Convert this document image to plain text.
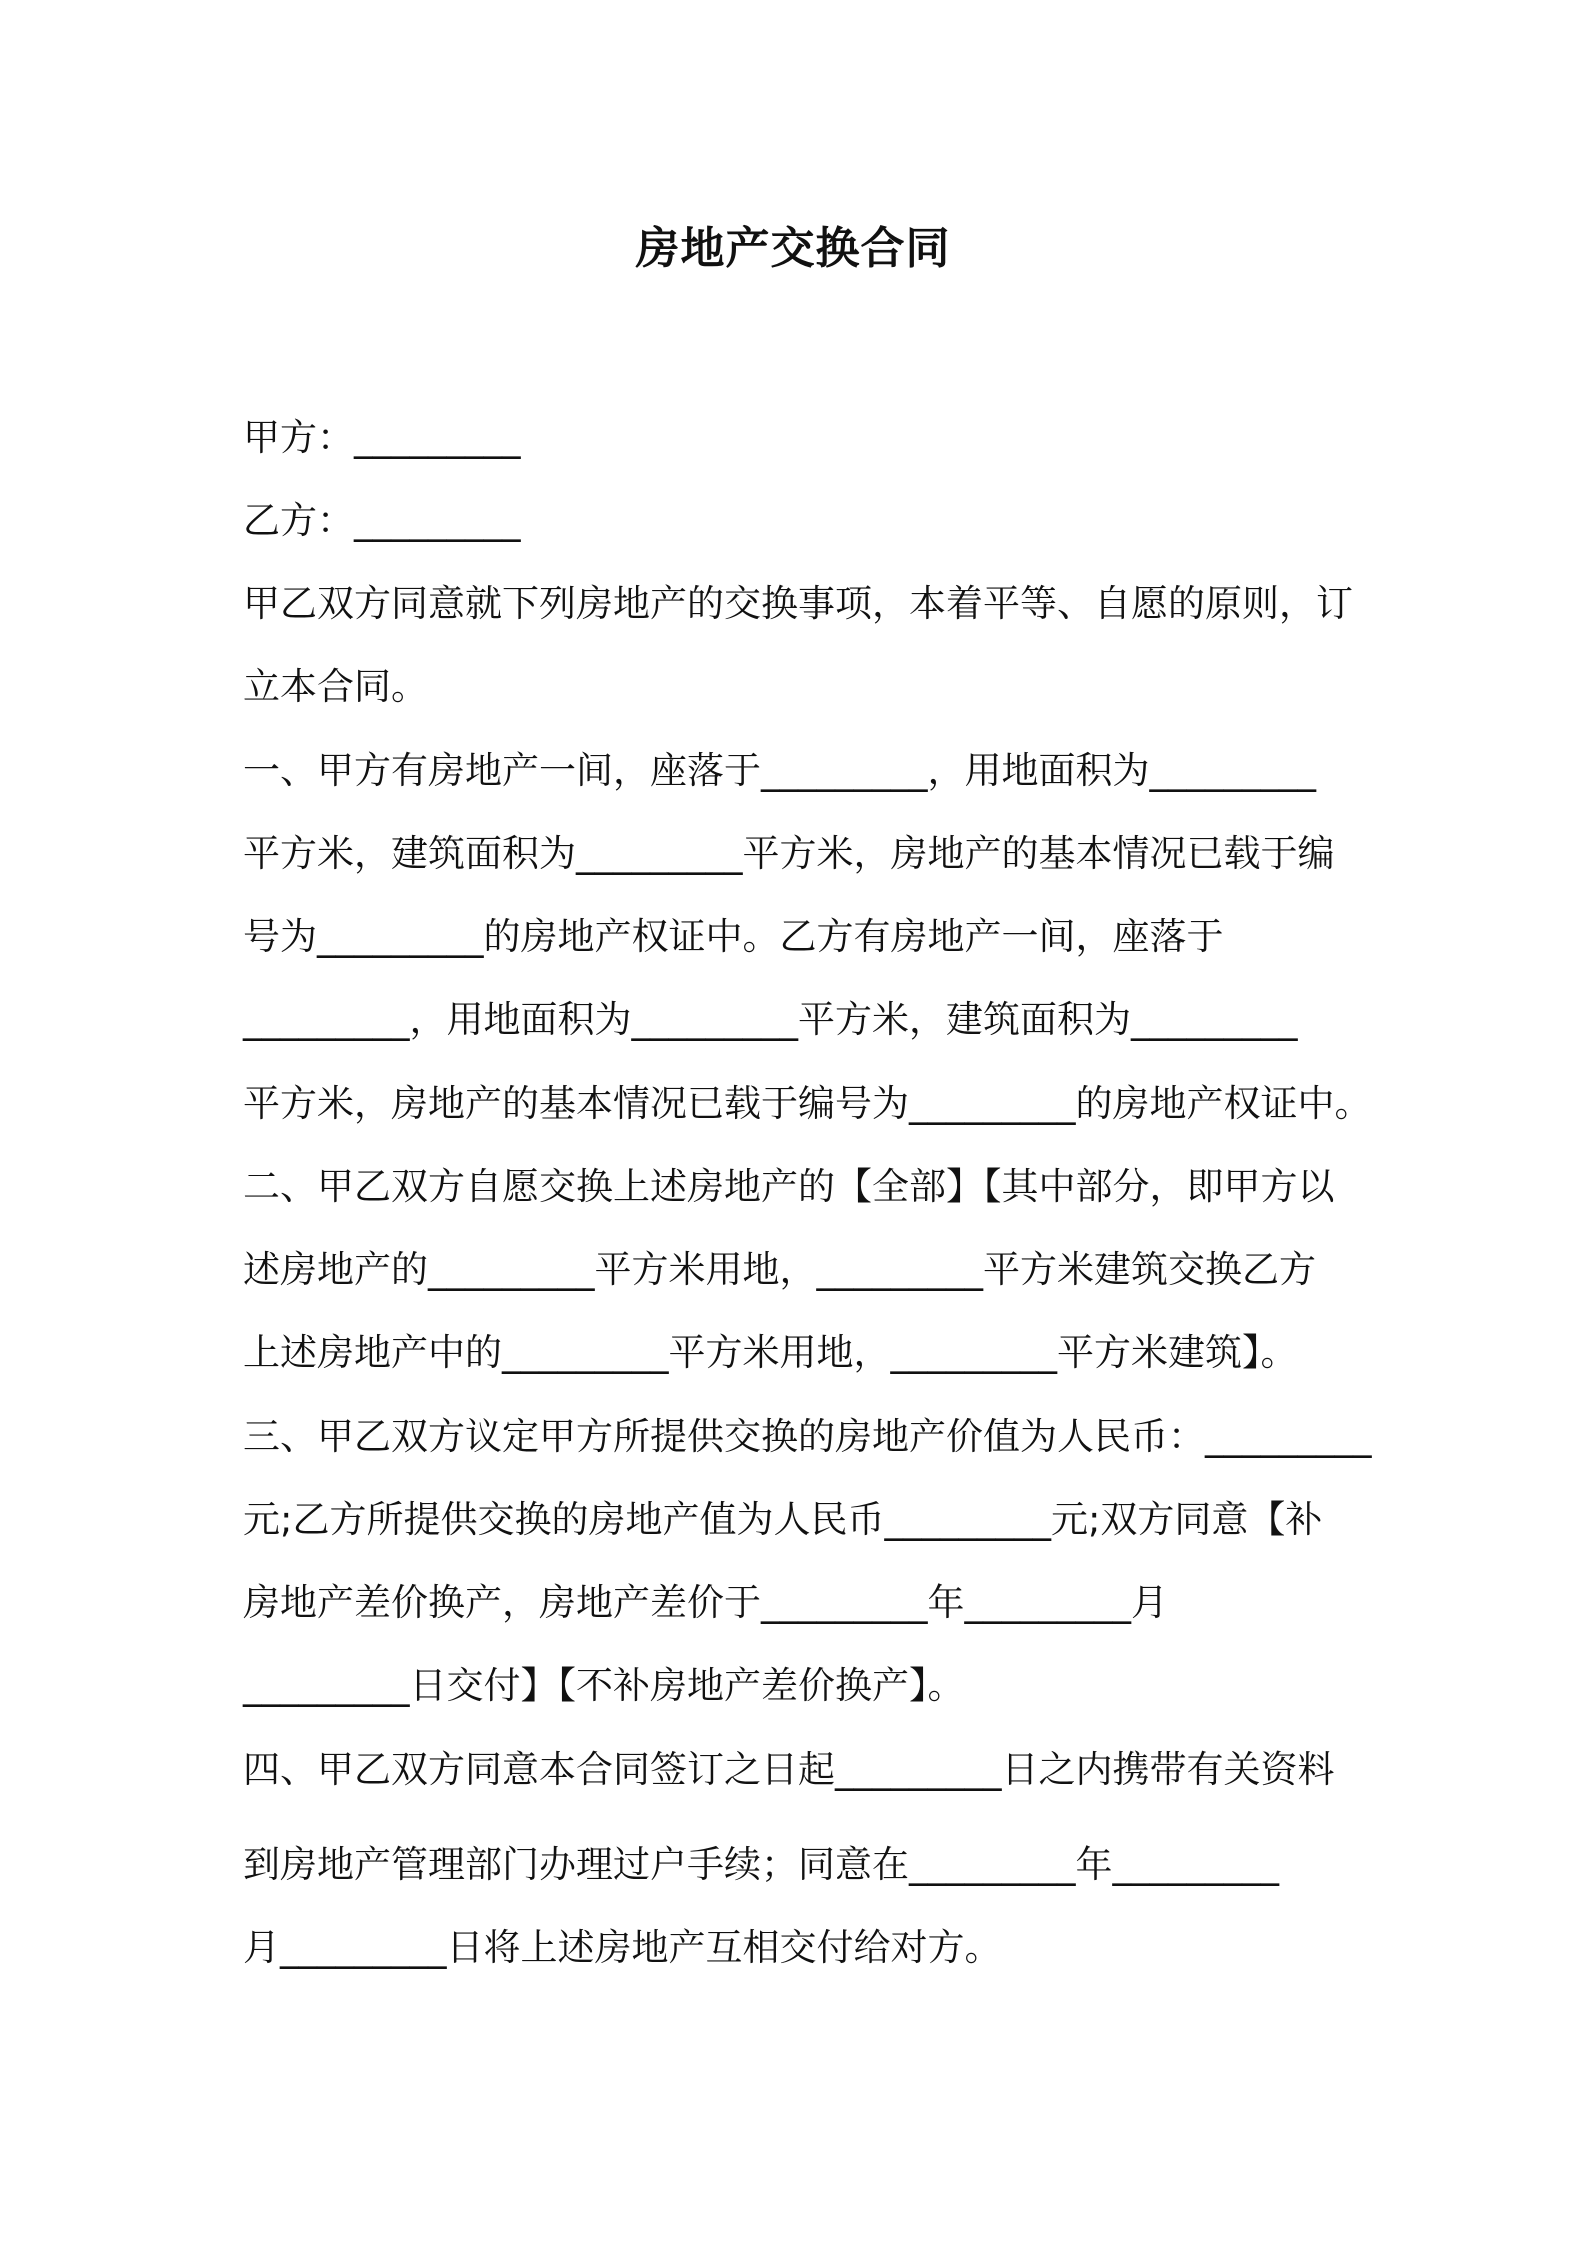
房地产交换合同
甲方：_________
乙方：_________
甲乙双方同意就下列房地产的交换事项，本着平等、自愿的原则，订
立本合同。
一、甲方有房地产一间，座落于_________，用地面积为_________
平方米，建筑面积为_________平方米，房地产的基本情况已载于编
号为_________的房地产权证中。乙方有房地产一间，座落于
_________，用地面积为_________平方米，建筑面积为_________
平方米，房地产的基本情况已载于编号为_________的房地产权证中。
二、甲乙双方自愿交换上述房地产的【全部】【其中部分，即甲方以
述房地产的_________平方米用地，_________平方米建筑交换乙方
上述房地产中的_________平方米用地，_________平方米建筑】。
三、甲乙双方议定甲方所提供交换的房地产价值为人民币：_________
元;乙方所提供交换的房地产值为人民币_________元;双方同意【补
房地产差价换产，房地产差价于_________年_________月
_________日交付】【不补房地产差价换产】。
四、甲乙双方同意本合同签订之日起_________日之内携带有关资料
到房地产管理部门办理过户手续；同意在_________年_________
月_________日将上述房地产互相交付给对方。
